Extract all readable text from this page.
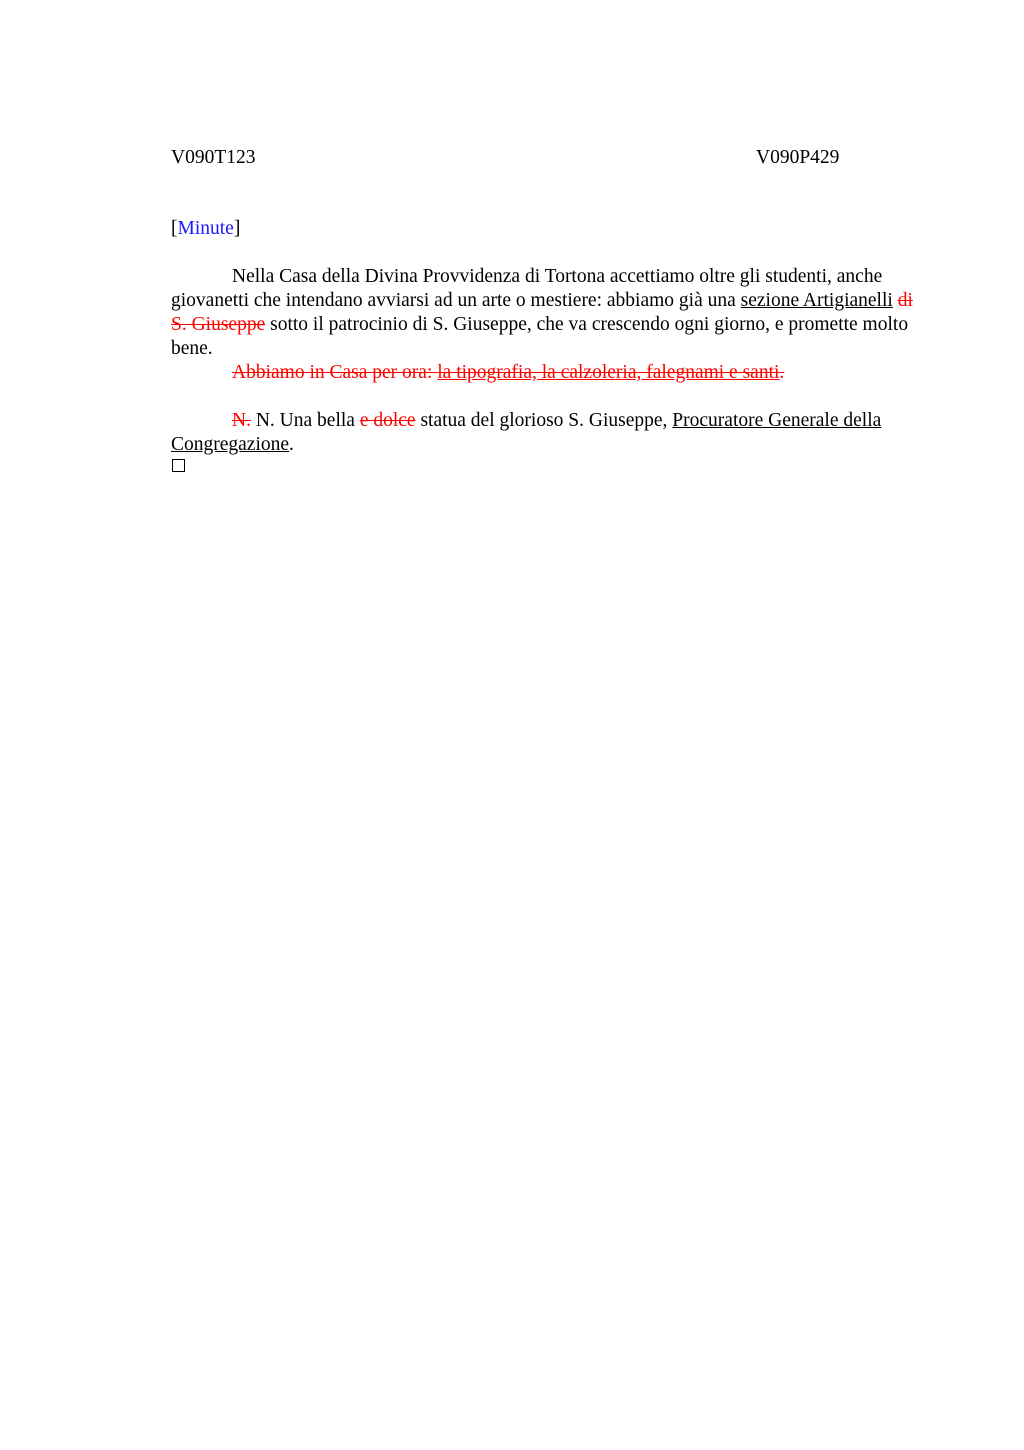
V090T123	V090P429
[Minute]

Nella Casa della Divina Provvidenza di Tortona accettiamo oltre gli studenti, anche giovanetti che intendano avviarsi ad un arte o mestiere: abbiamo già una sezione Artigianelli di S. Giuseppe sotto il patrocinio di S. Giuseppe, che va crescendo ogni giorno, e promette molto bene.

Abbiamo in Casa per ora: la tipografia, la calzoleria, falegnami e santi.

N. N. Una bella e dolce statua del glorioso S. Giuseppe, Procuratore Generale della Congregazione.
